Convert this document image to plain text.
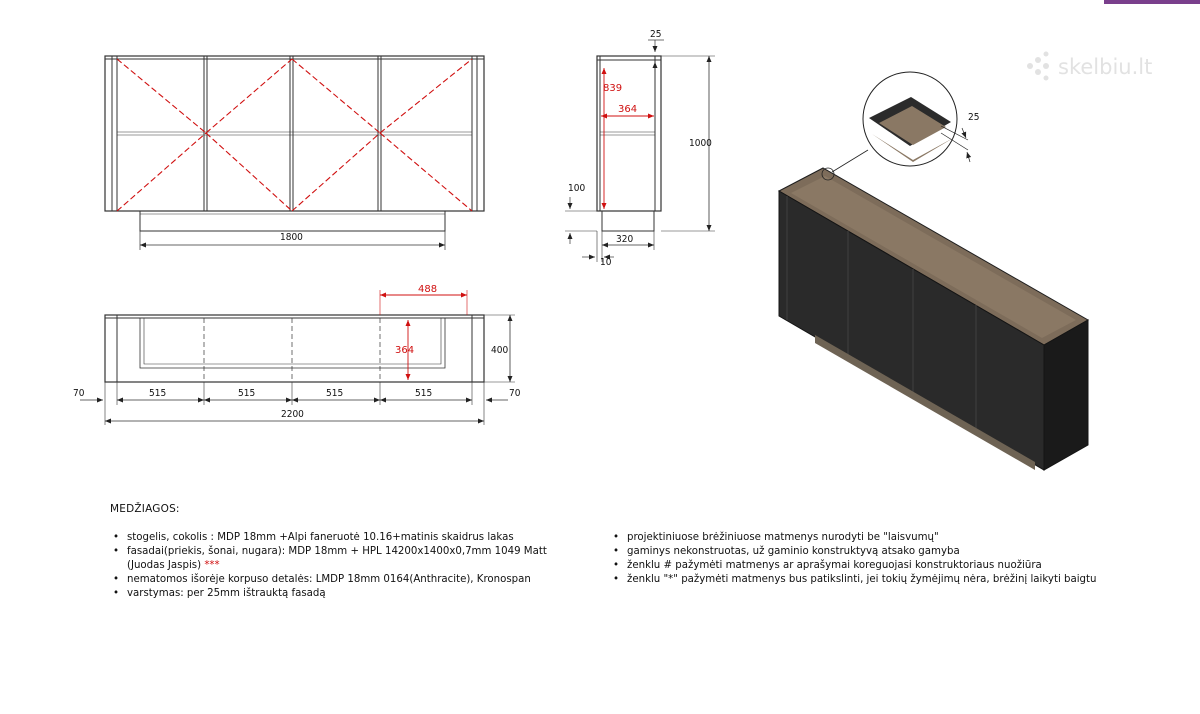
skelbiu.lt
1800
25
1000
839
364
100
320
10
488
364	400
70	515	515	515	515	70
2200
25
MEDŽIAGOS:
• stogelis, cokolis : MDP 18mm +Alpi faneruotė 10.16+matinis skaidrus lakas
• fasadai(priekis, šonai, nugara): MDP 18mm + HPL 14200x1400x0,7mm 1049 Matt (Juodas Jaspis) ***
• nematomos išorėje korpuso detalės: LMDP 18mm 0164(Anthracite), Kronospan
• varstymas: per 25mm ištrauktą fasadą
• projektiniuose brėžiniuose matmenys nurodyti be "laisvumų"
• gaminys nekonstruotas, už gaminio konstruktyvą atsako gamyba
• ženklu # pažymėti matmenys ar aprašymai koreguojasi konstruktoriaus nuožiūra
• ženklu "*" pažymėti matmenys bus patikslinti, jei tokių žymėjimų nėra, brėžinį laikyti baigtu
